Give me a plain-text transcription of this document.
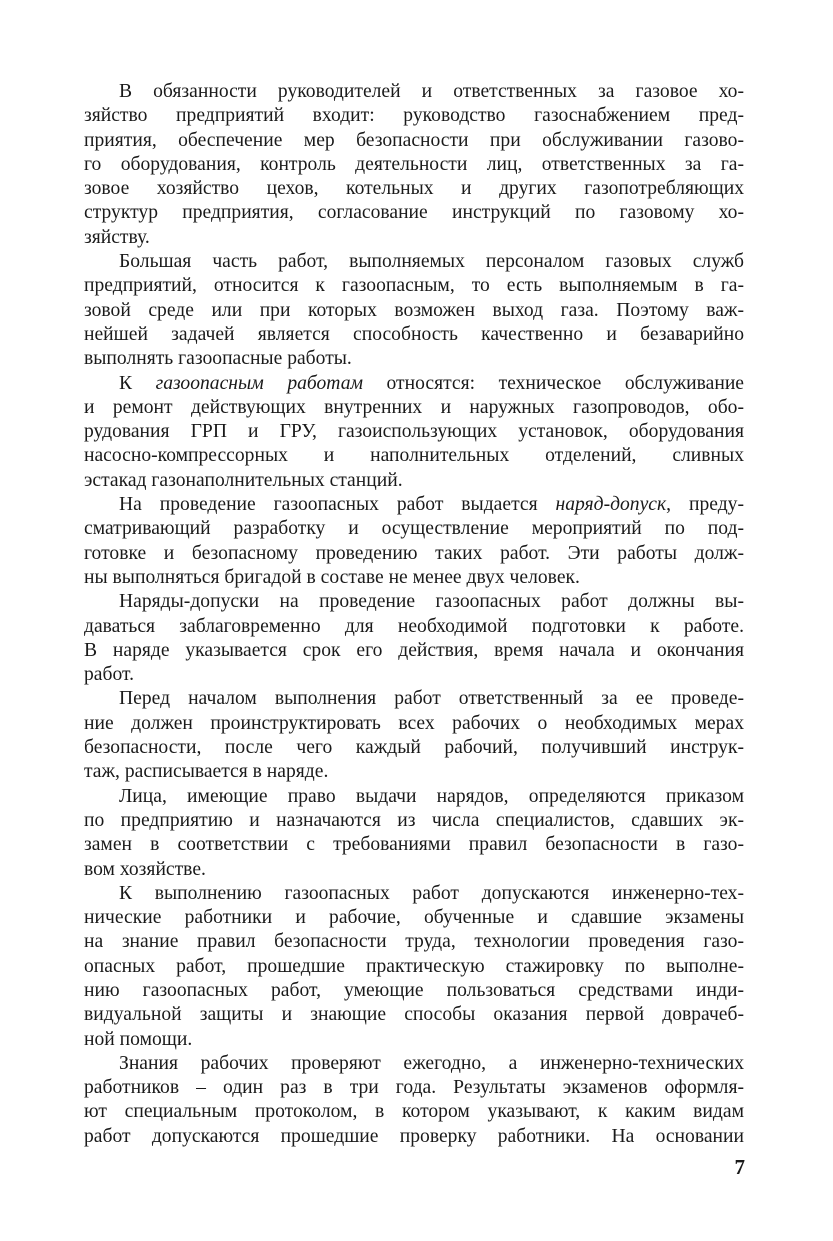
В обязанности руководителей и ответственных за газовое хо-
зяйство предприятий входит: руководство газоснабжением пред-
приятия, обеспечение мер безопасности при обслуживании газово-
го оборудования, контроль деятельности лиц, ответственных за га-
зовое хозяйство цехов, котельных и других газопотребляющих
структур предприятия, согласование инструкций по газовому хо-
зяйству.
Большая часть работ, выполняемых персоналом газовых служб
предприятий, относится к газоопасным, то есть выполняемым в га-
зовой среде или при которых возможен выход газа. Поэтому важ-
нейшей задачей является способность качественно и безаварийно
выполнять газоопасные работы.
К газоопасным работам относятся: техническое обслуживание
и ремонт действующих внутренних и наружных газопроводов, обо-
рудования ГРП и ГРУ, газоиспользующих установок, оборудования
насосно-компрессорных и наполнительных отделений, сливных
эстакад газонаполнительных станций.
На проведение газоопасных работ выдается наряд-допуск, преду-
сматривающий разработку и осуществление мероприятий по под-
готовке и безопасному проведению таких работ. Эти работы долж-
ны выполняться бригадой в составе не менее двух человек.
Наряды-допуски на проведение газоопасных работ должны вы-
даваться заблаговременно для необходимой подготовки к работе.
В наряде указывается срок его действия, время начала и окончания
работ.
Перед началом выполнения работ ответственный за ее проведе-
ние должен проинструктировать всех рабочих о необходимых мерах
безопасности, после чего каждый рабочий, получивший инструк-
таж, расписывается в наряде.
Лица, имеющие право выдачи нарядов, определяются приказом
по предприятию и назначаются из числа специалистов, сдавших эк-
замен в соответствии с требованиями правил безопасности в газо-
вом хозяйстве.
К выполнению газоопасных работ допускаются инженерно-тех-
нические работники и рабочие, обученные и сдавшие экзамены
на знание правил безопасности труда, технологии проведения газо-
опасных работ, прошедшие практическую стажировку по выполне-
нию газоопасных работ, умеющие пользоваться средствами инди-
видуальной защиты и знающие способы оказания первой доврачеб-
ной помощи.
Знания рабочих проверяют ежегодно, а инженерно-технических
работников – один раз в три года. Результаты экзаменов оформля-
ют специальным протоколом, в котором указывают, к каким видам
работ допускаются прошедшие проверку работники. На основании
7
